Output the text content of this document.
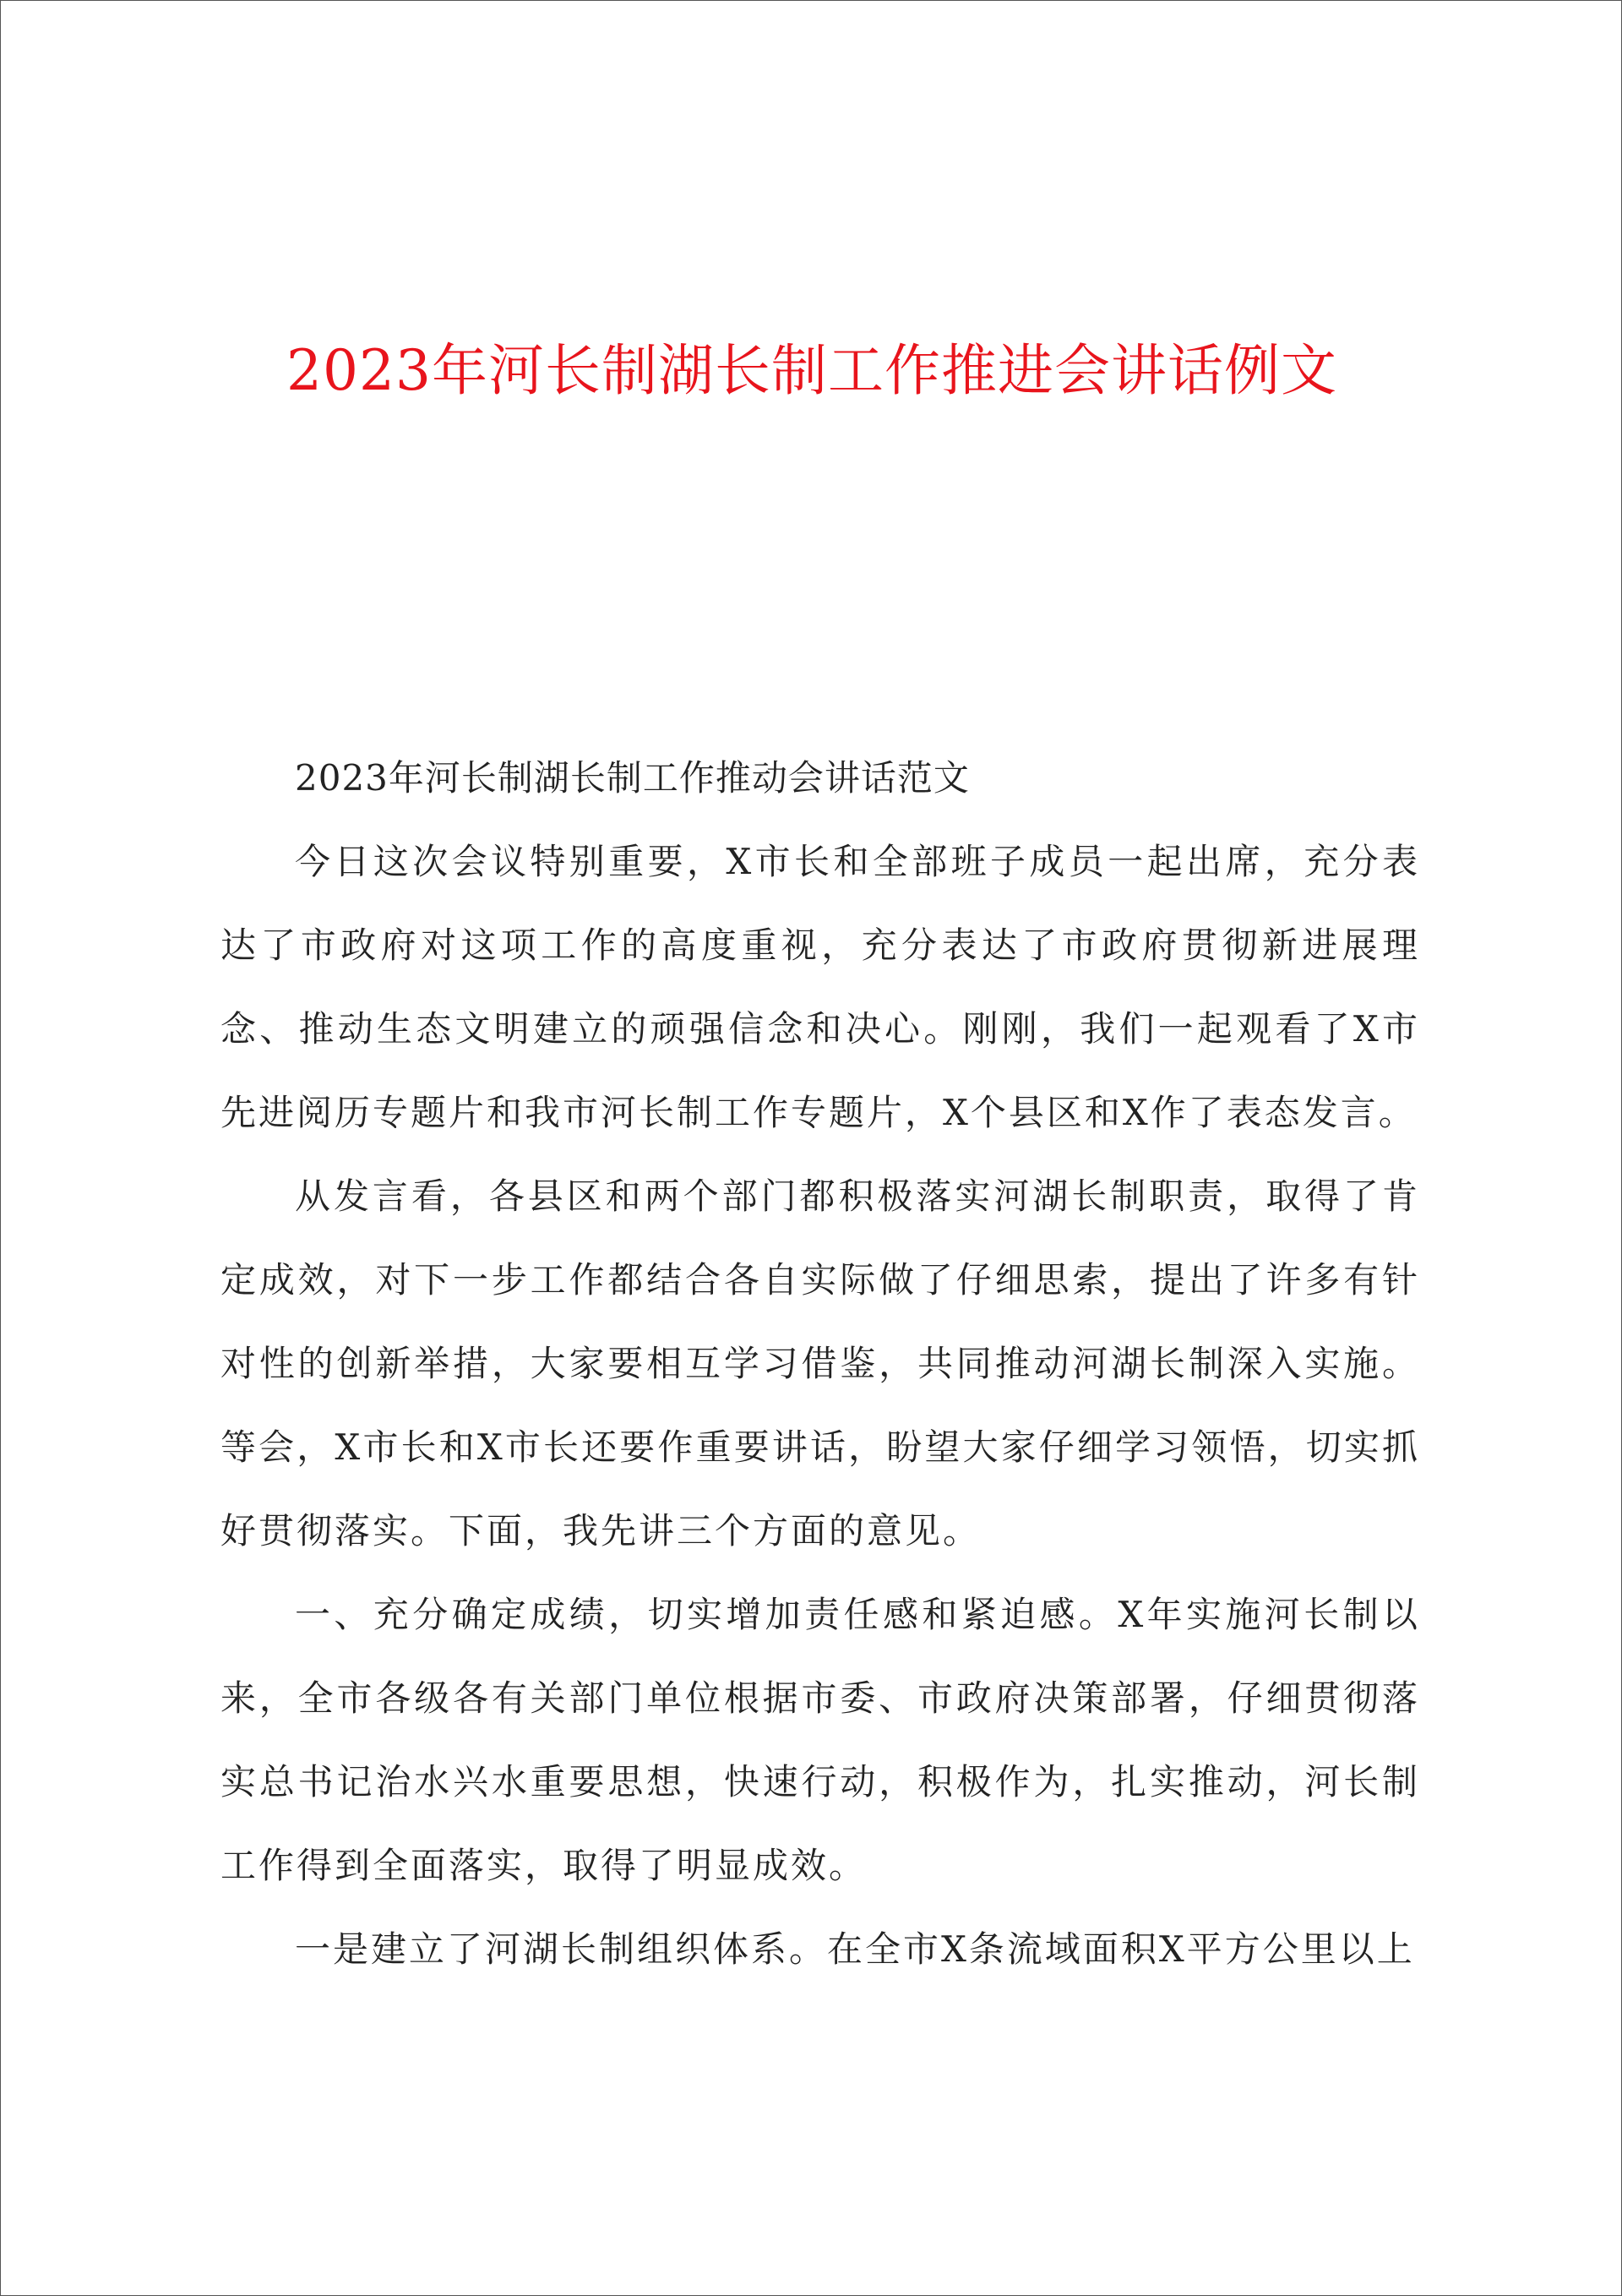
2023年河长制湖长制工作推进会讲话例文

2023年河长制湖长制工作推动会讲话范文

今日这次会议特别重要，X市长和全部班子成员一起出席，充分表达了市政府对这项工作的高度重视，充分表达了市政府贯彻新进展理念、推动生态文明建立的顽强信念和决心。刚刚，我们一起观看了X市先进阅历专题片和我市河长制工作专题片，X个县区和X作了表态发言。

从发言看，各县区和两个部门都积极落实河湖长制职责，取得了肯定成效，对下一步工作都结合各自实际做了仔细思索，提出了许多有针对性的创新举措，大家要相互学习借鉴，共同推动河湖长制深入实施。等会，X市长和X市长还要作重要讲话，盼望大家仔细学习领悟，切实抓好贯彻落实。下面，我先讲三个方面的意见。

一、充分确定成绩，切实增加责任感和紧迫感。X年实施河长制以来，全市各级各有关部门单位根据市委、市政府决策部署，仔细贯彻落实总书记治水兴水重要思想，快速行动，积极作为，扎实推动，河长制工作得到全面落实，取得了明显成效。

一是建立了河湖长制组织体系。在全市X条流域面积X平方公里以上
